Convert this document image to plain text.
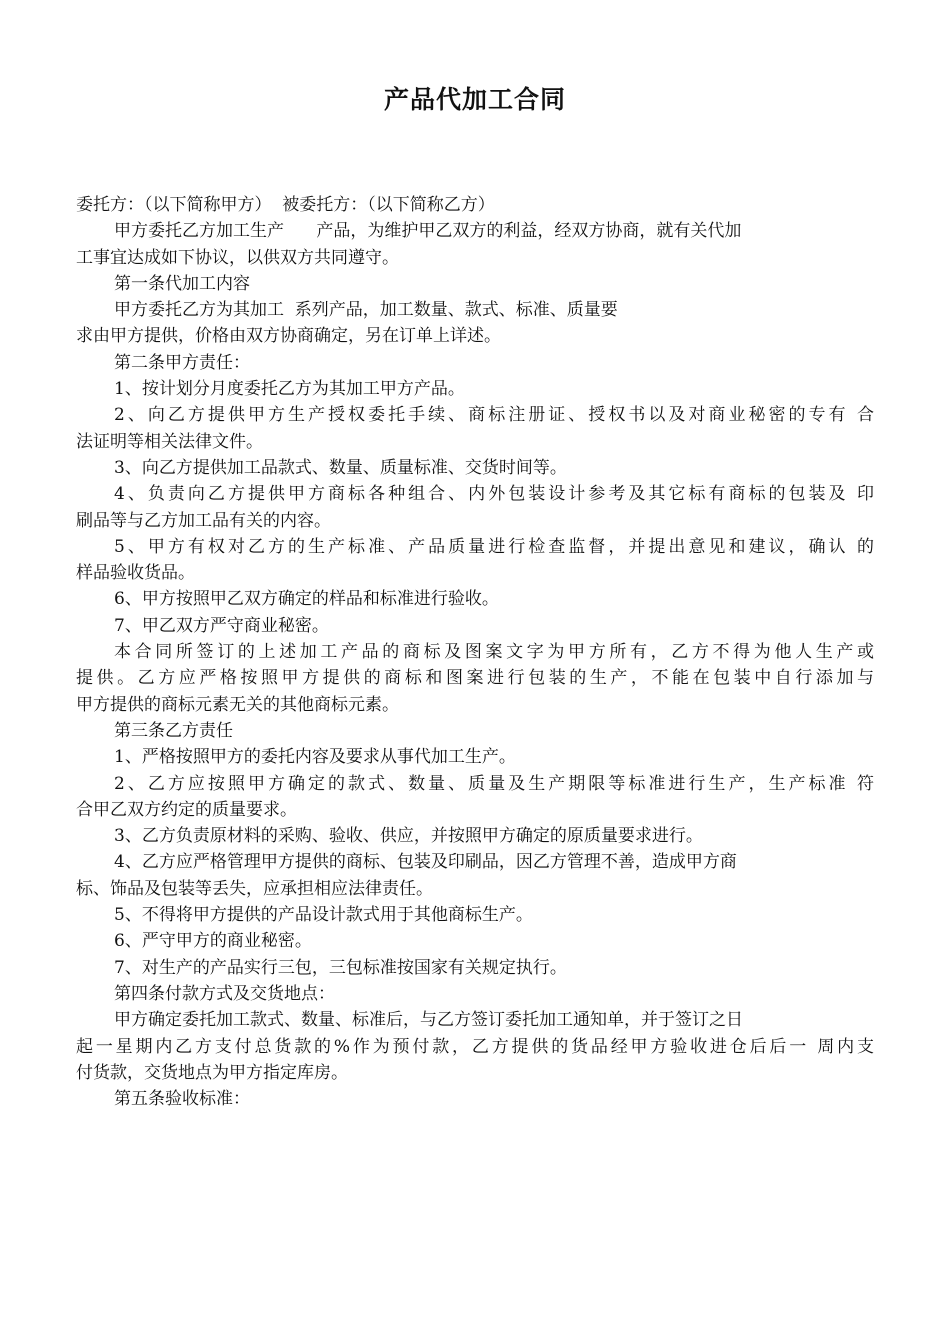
产品代加工合同
委托方：（以下简称甲方）  被委托方：（以下简称乙方）
甲方委托乙方加工生产      产品，为维护甲乙双方的利益，经双方协商，就有关代加
工事宜达成如下协议，以供双方共同遵守。
第一条代加工内容
甲方委托乙方为其加工  系列产品，加工数量、款式、标准、质量要
求由甲方提供，价格由双方协商确定，另在订单上详述。
第二条甲方责任：
1、按计划分月度委托乙方为其加工甲方产品。
2、向乙方提供甲方生产授权委托手续、商标注册证、授权书以及对商业秘密的专有 合
法证明等相关法律文件。
3、向乙方提供加工品款式、数量、质量标准、交货时间等。
4、负责向乙方提供甲方商标各种组合、内外包装设计参考及其它标有商标的包装及 印
刷品等与乙方加工品有关的内容。
5、甲方有权对乙方的生产标准、产品质量进行检查监督，并提出意见和建议，确认 的
样品验收货品。
6、甲方按照甲乙双方确定的样品和标准进行验收。
7、甲乙双方严守商业秘密。
本合同所签订的上述加工产品的商标及图案文字为甲方所有，乙方不得为他人生产或
提供。乙方应严格按照甲方提供的商标和图案进行包装的生产，不能在包装中自行添加与
甲方提供的商标元素无关的其他商标元素。
第三条乙方责任
1、严格按照甲方的委托内容及要求从事代加工生产。
2、乙方应按照甲方确定的款式、数量、质量及生产期限等标准进行生产，生产标准 符
合甲乙双方约定的质量要求。
3、乙方负责原材料的采购、验收、供应，并按照甲方确定的原质量要求进行。
4、乙方应严格管理甲方提供的商标、包装及印刷品，因乙方管理不善，造成甲方商
标、饰品及包装等丢失，应承担相应法律责任。
5、不得将甲方提供的产品设计款式用于其他商标生产。
6、严守甲方的商业秘密。
7、对生产的产品实行三包，三包标准按国家有关规定执行。
第四条付款方式及交货地点：
甲方确定委托加工款式、数量、标准后，与乙方签订委托加工通知单，并于签订之日
起一星期内乙方支付总货款的%作为预付款，乙方提供的货品经甲方验收进仓后后一 周内支
付货款，交货地点为甲方指定库房。
第五条验收标准：
